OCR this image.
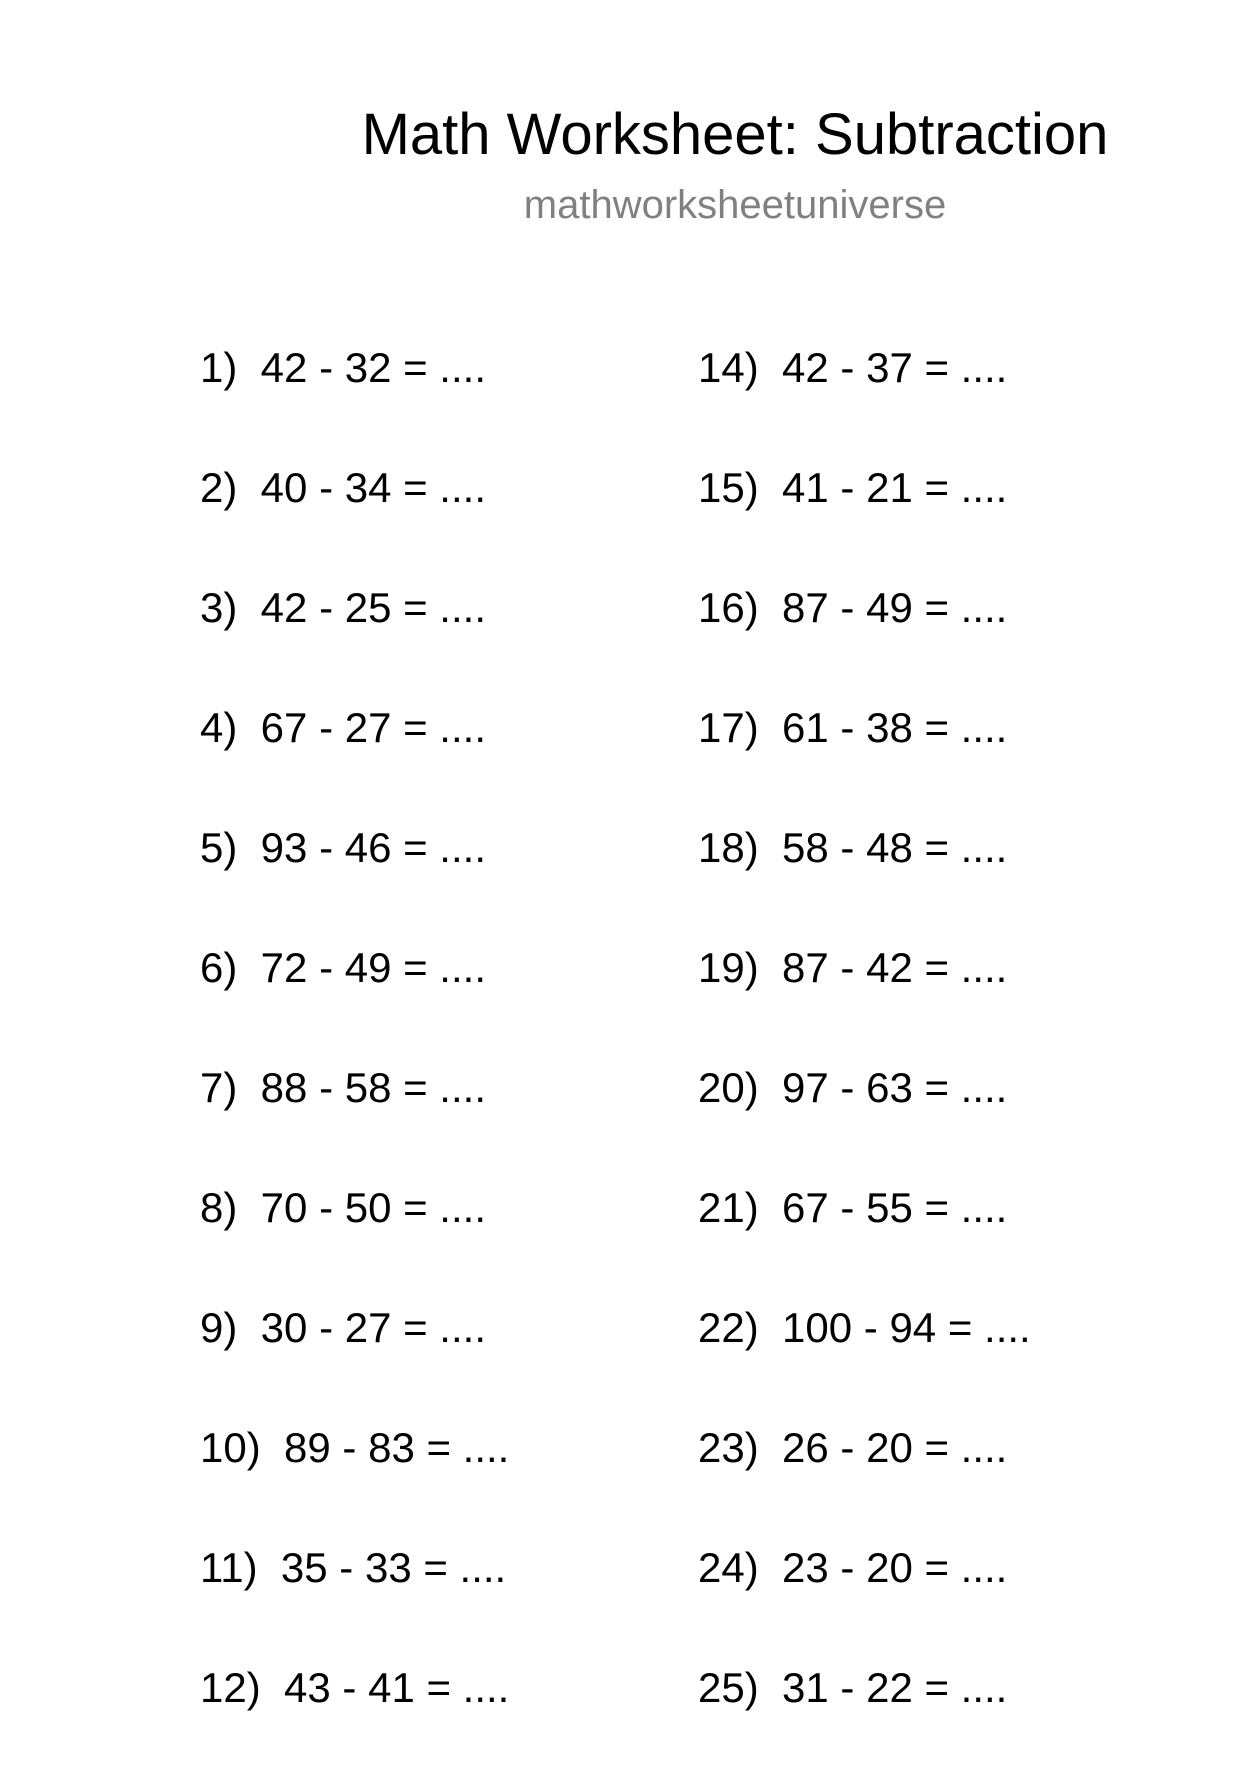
Math Worksheet: Subtraction
mathworksheetuniverse
1)  42 - 32 = ....
2)  40 - 34 = ....
3)  42 - 25 = ....
4)  67 - 27 = ....
5)  93 - 46 = ....
6)  72 - 49 = ....
7)  88 - 58 = ....
8)  70 - 50 = ....
9)  30 - 27 = ....
10)  89 - 83 = ....
11)  35 - 33 = ....
12)  43 - 41 = ....
14)  42 - 37 = ....
15)  41 - 21 = ....
16)  87 - 49 = ....
17)  61 - 38 = ....
18)  58 - 48 = ....
19)  87 - 42 = ....
20)  97 - 63 = ....
21)  67 - 55 = ....
22)  100 - 94 = ....
23)  26 - 20 = ....
24)  23 - 20 = ....
25)  31 - 22 = ....
